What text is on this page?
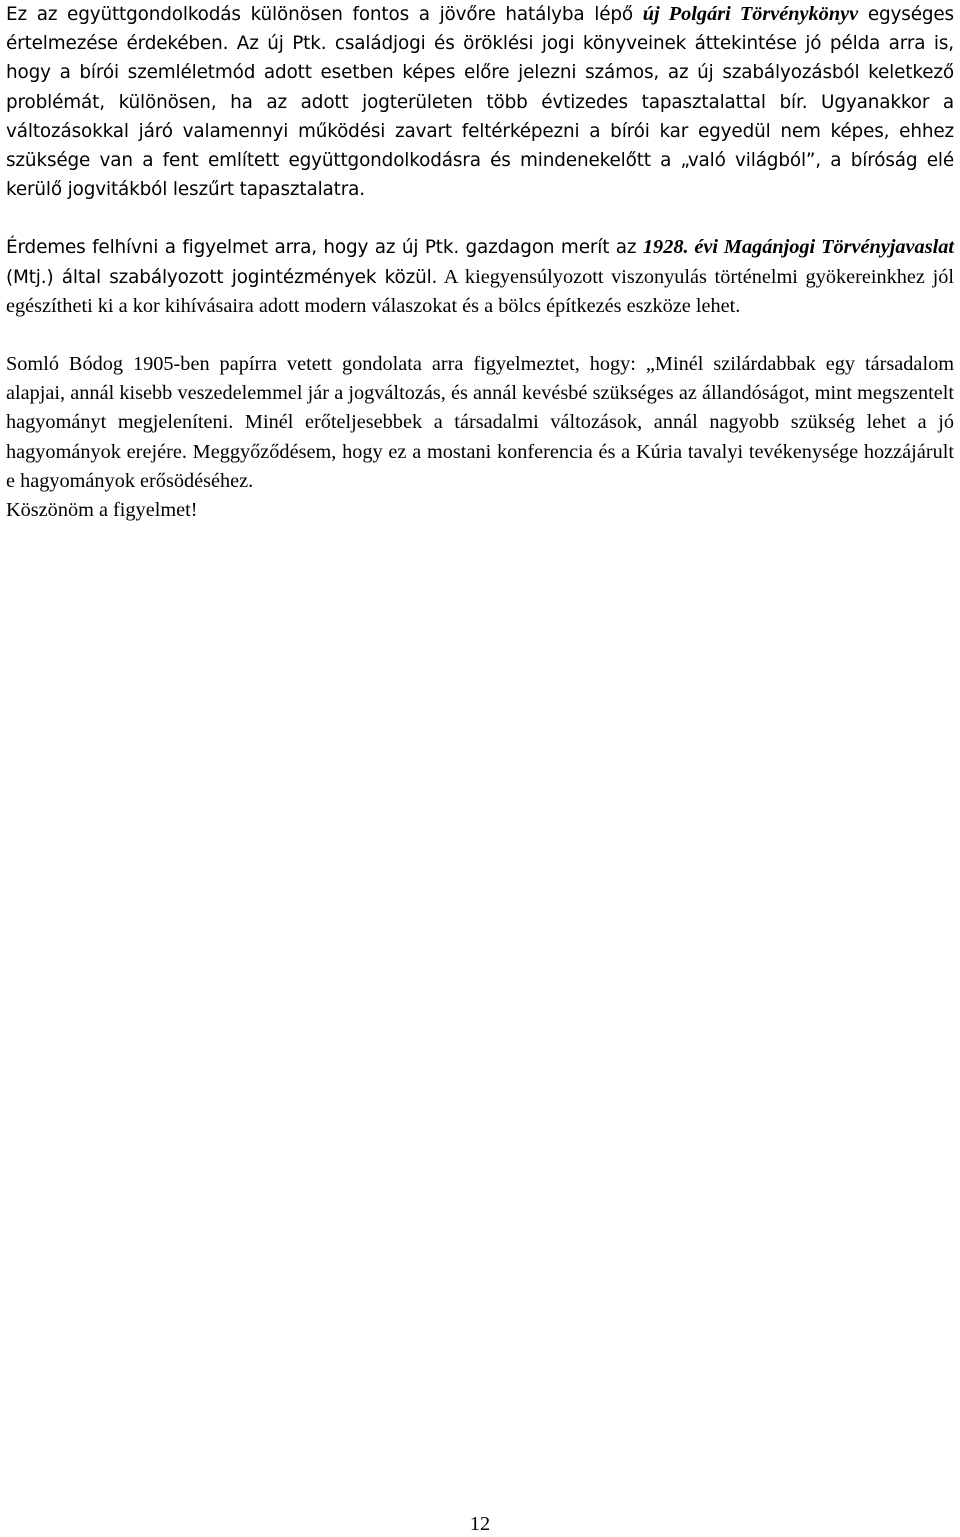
Ez az együttgondolkodás különösen fontos a jövőre hatályba lépő új Polgári Törvénykönyv egységes értelmezése érdekében. Az új Ptk. családjogi és öröklési jogi könyveinek áttekintése jó példa arra is, hogy a bírói szemléletmód adott esetben képes előre jelezni számos, az új szabályozásból keletkező problémát, különösen, ha az adott jogterületen több évtizedes tapasztalattal bír. Ugyanakkor a változásokkal járó valamennyi működési zavart feltérképezni a bírói kar egyedül nem képes, ehhez szüksége van a fent említett együttgondolkodásra és mindenekelőtt a „való világból”, a bíróság elé kerülő jogvitákból leszűrt tapasztalatra.

Érdemes felhívni a figyelmet arra, hogy az új Ptk. gazdagon merít az 1928. évi Magánjogi Törvényjavaslat (Mtj.) által szabályozott jogintézmények közül. A kiegyensúlyozott viszonyulás történelmi gyökereinkhez jól egészítheti ki a kor kihívásaira adott modern válaszokat és a bölcs építkezés eszköze lehet.

Somló Bódog 1905-ben papírra vetett gondolata arra figyelmeztet, hogy: „Minél szilárdabbak egy társadalom alapjai, annál kisebb veszedelemmel jár a jogváltozás, és annál kevésbé szükséges az állandóságot, mint megszentelt hagyományt megjeleníteni. Minél erőteljesebbek a társadalmi változások, annál nagyobb szükség lehet a jó hagyományok erejére. Meggyőződésem, hogy ez a mostani konferencia és a Kúria tavalyi tevékenysége hozzájárult e hagyományok erősödéséhez.

Köszönöm a figyelmet!

12
